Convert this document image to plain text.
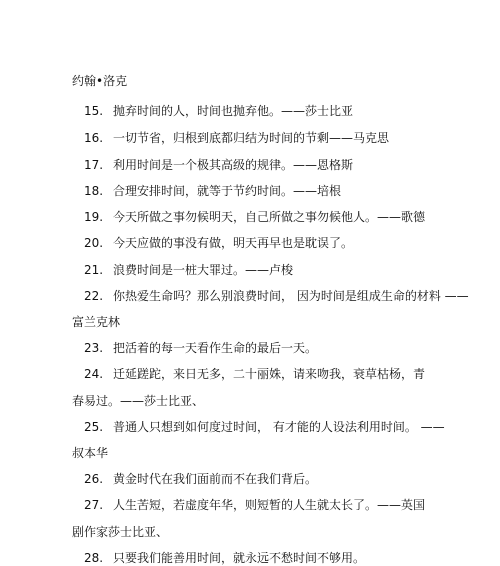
约翰•洛克
15. 抛弃时间的人，时间也抛弃他。——莎士比亚
16. 一切节省，归根到底都归结为时间的节剩——马克思
17. 利用时间是一个极其高级的规律。——恩格斯
18. 合理安排时间，就等于节约时间。——培根
19. 今天所做之事勿候明天，自己所做之事勿候他人。——歌德
20. 今天应做的事没有做，明天再早也是耽误了。
21. 浪费时间是一桩大罪过。——卢梭
22. 你热爱生命吗？那么别浪费时间， 因为时间是组成生命的材料 ——
富兰克林
23. 把活着的每一天看作生命的最后一天。
24. 迁延蹉跎，来日无多，二十丽姝，请来吻我，衰草枯杨，青
春易过。——莎士比亚、
25. 普通人只想到如何度过时间， 有才能的人设法利用时间。 ——
叔本华
26. 黄金时代在我们面前而不在我们背后。
27. 人生苦短，若虚度年华，则短暂的人生就太长了。——英国
剧作家莎士比亚、
28. 只要我们能善用时间，就永远不愁时间不够用。
